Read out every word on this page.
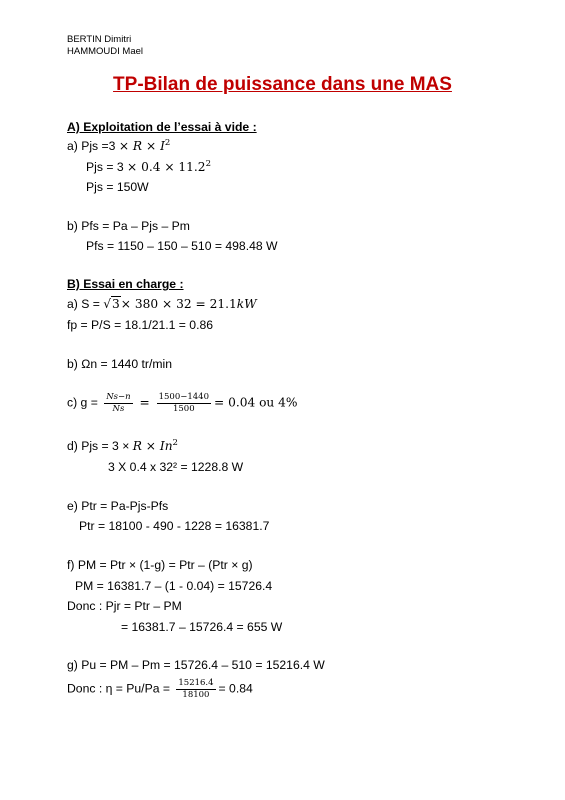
BERTIN Dimitri
HAMMOUDI Mael
TP-Bilan de puissance dans une MAS
A) Exploitation de l’essai à vide :
a) Pjs $=3 \times R \times I^2$
Pjs = $3 \times 0.4 \times 11.2^2$
Pjs = 150W
b) Pfs = Pa – Pjs – Pm
Pfs = 1150 – 150 – 510 = 498.48 W
B) Essai en charge :
a) S = √3× 380 × 32 = 21.1kW
fp = P/S = 18.1/21.1 = 0.86
b) Ωn = 1440 tr/min
c) $g = \frac{Ns-n}{Ns} = \frac{1500-1440}{1500} = 0.04$ ou 4%
d) Pjs = $3 \times R \times In^2$
3 X 0.4 x 32² = 1228.8 W
e) Ptr = Pa-Pjs-Pfs
Ptr = 18100 - 490 - 1228 = 16381.7
f) PM = Ptr × (1-g) = Ptr – (Ptr × g)
PM = 16381.7 – (1 - 0.04) = 15726.4
Donc : Pjr = Ptr – PM
= 16381.7 – 15726.4 = 655 W
g) Pu = PM – Pm = 15726.4 – 510 = 15216.4 W
Donc : $\eta = Pu/Pa = \frac{15216.4}{18100} = 0.84$
